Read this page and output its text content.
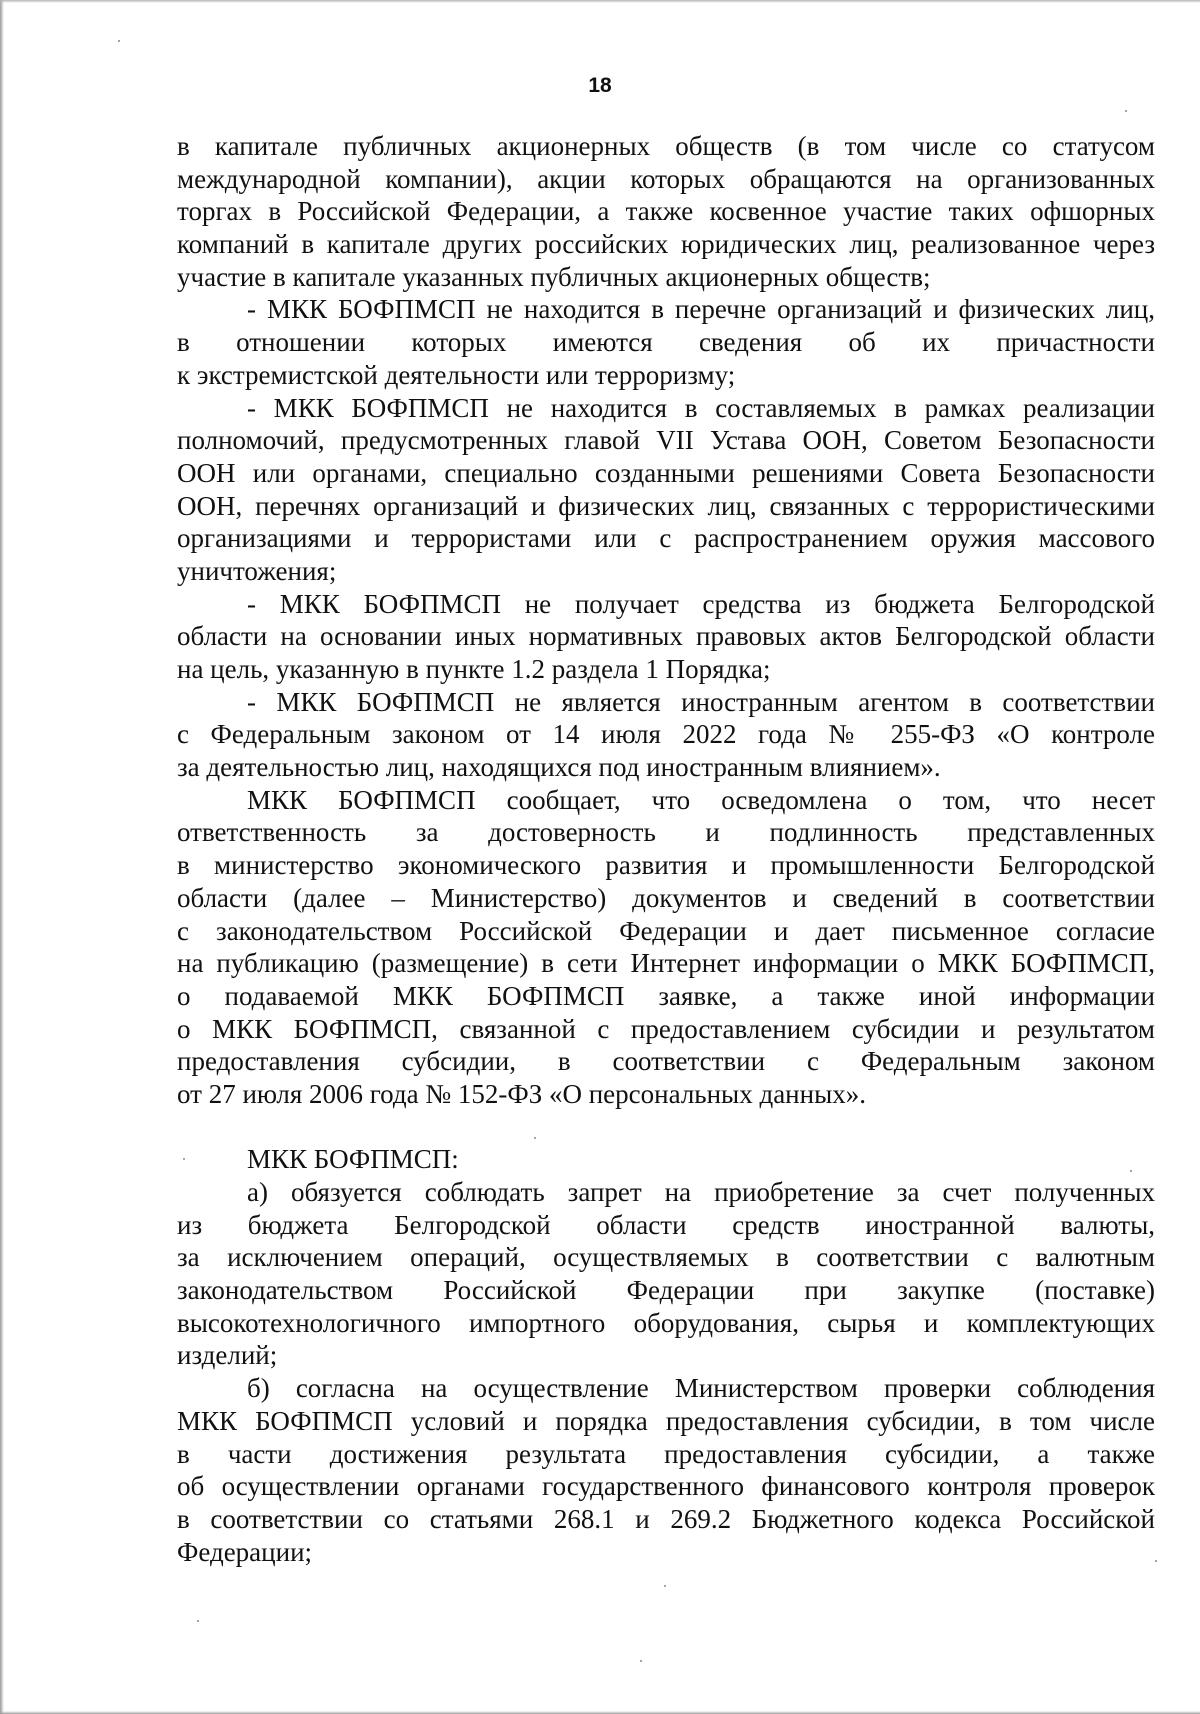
18
в капитале публичных акционерных обществ (в том числе со статусом
международной компании), акции которых обращаются на организованных
торгах в Российской Федерации, а также косвенное участие таких офшорных
компаний в капитале других российских юридических лиц, реализованное через
участие в капитале указанных публичных акционерных обществ;
- МКК БОФПМСП не находится в перечне организаций и физических лиц,
в отношении которых имеются сведения об их причастности
к экстремистской деятельности или терроризму;
- МКК БОФПМСП не находится в составляемых в рамках реализации
полномочий, предусмотренных главой VII Устава ООН, Советом Безопасности
ООН или органами, специально созданными решениями Совета Безопасности
ООН, перечнях организаций и физических лиц, связанных с террористическими
организациями и террористами или с распространением оружия массового
уничтожения;
- МКК БОФПМСП не получает средства из бюджета Белгородской
области на основании иных нормативных правовых актов Белгородской области
на цель, указанную в пункте 1.2 раздела 1 Порядка;
- МКК БОФПМСП не является иностранным агентом в соответствии
с Федеральным законом от 14 июля 2022 года № 255-ФЗ «О контроле
за деятельностью лиц, находящихся под иностранным влиянием».
МКК БОФПМСП сообщает, что осведомлена о том, что несет
ответственность за достоверность и подлинность представленных
в министерство экономического развития и промышленности Белгородской
области (далее – Министерство) документов и сведений в соответствии
с законодательством Российской Федерации и дает письменное согласие
на публикацию (размещение) в сети Интернет информации о МКК БОФПМСП,
о подаваемой МКК БОФПМСП заявке, а также иной информации
о МКК БОФПМСП, связанной с предоставлением субсидии и результатом
предоставления субсидии, в соответствии с Федеральным законом
от 27 июля 2006 года № 152-ФЗ «О персональных данных».
МКК БОФПМСП:
а) обязуется соблюдать запрет на приобретение за счет полученных
из бюджета Белгородской области средств иностранной валюты,
за исключением операций, осуществляемых в соответствии с валютным
законодательством Российской Федерации при закупке (поставке)
высокотехнологичного импортного оборудования, сырья и комплектующих
изделий;
б) согласна на осуществление Министерством проверки соблюдения
МКК БОФПМСП условий и порядка предоставления субсидии, в том числе
в части достижения результата предоставления субсидии, а также
об осуществлении органами государственного финансового контроля проверок
в соответствии со статьями 268.1 и 269.2 Бюджетного кодекса Российской
Федерации;
